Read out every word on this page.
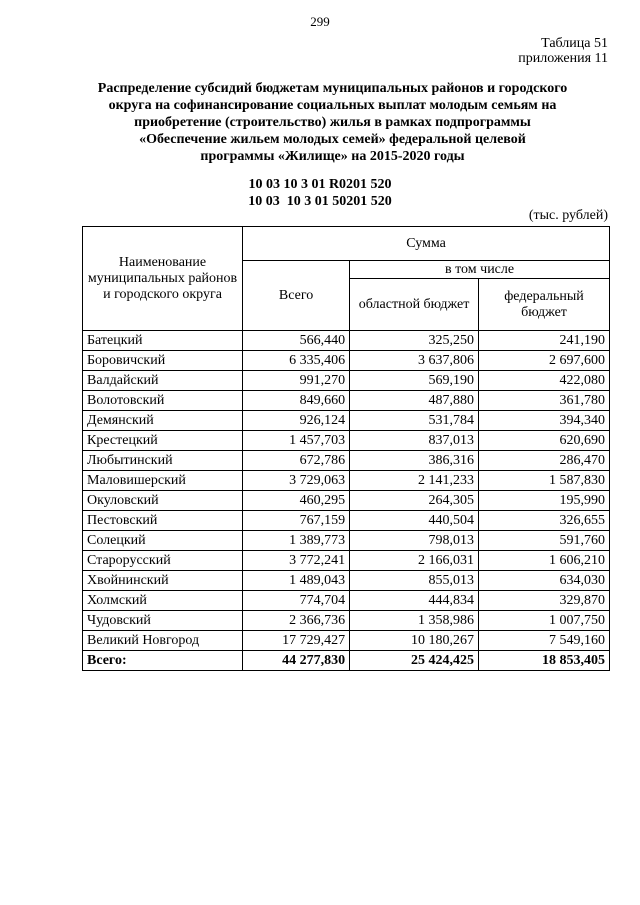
299
Таблица 51
приложения 11
Распределение субсидий бюджетам муниципальных районов и городского
округа на софинансирование социальных выплат молодым семьям на
приобретение (строительство) жилья в рамках подпрограммы
«Обеспечение жильем молодых семей» федеральной целевой
программы «Жилище» на 2015-2020 годы
10 03 10 3 01 R0201 520
10 03  10 3 01 50201 520
(тыс. рублей)
Наименование муниципальных районов и городского округа	Сумма		
	Всего	в том числе	
		областной бюджет	федеральный бюджет
Батецкий	566,440	325,250	241,190
Боровичский	6 335,406	3 637,806	2 697,600
Валдайский	991,270	569,190	422,080
Волотовский	849,660	487,880	361,780
Демянский	926,124	531,784	394,340
Крестецкий	1 457,703	837,013	620,690
Любытинский	672,786	386,316	286,470
Маловишерский	3 729,063	2 141,233	1 587,830
Окуловский	460,295	264,305	195,990
Пестовский	767,159	440,504	326,655
Солецкий	1 389,773	798,013	591,760
Старорусский	3 772,241	2 166,031	1 606,210
Хвойнинский	1 489,043	855,013	634,030
Холмский	774,704	444,834	329,870
Чудовский	2 366,736	1 358,986	1 007,750
Великий Новгород	17 729,427	10 180,267	7 549,160
Всего:	44 277,830	25 424,425	18 853,405
